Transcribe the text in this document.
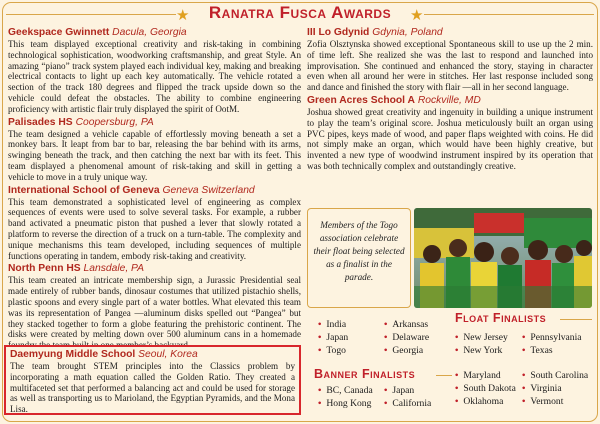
★	Ranatra Fusca Awards	★
Geekspace Gwinnett Dacula, Georgia
This team displayed exceptional creativity and risk-taking in combining technological sophistication, woodworking craftsmanship, and great Style. An amazing “piano” track system played each individual key, making and breaking electrical contacts to light up each key automatically. The vehicle rotated a section of the track 180 degrees and flipped the track upside down so the vehicle could defeat the obstacles. The ability to combine engineering proficiency with artistic flair truly displayed the spirit of OotM.
Palisades HS Coopersburg, PA
The team designed a vehicle capable of effortlessly moving beneath a set a monkey bars. It leapt from bar to bar, releasing the bar behind with its arms, swinging beneath the track, and then catching the next bar with its feet. This team displayed a phenomenal amount of risk-taking and skill in getting a vehicle to move in a truly unique way.
International School of Geneva Geneva Switzerland
This team demonstrated a sophisticated level of engineering as complex sequences of events were used to solve several tasks. For example, a rubber band activated a pneumatic piston that pushed a lever that slowly rotated a platform to reverse the direction of a truck on a turn-table. The complexity and unique mechanisms this team developed, including sequences of multiple functions operating in tandem, embody risk-taking and creativity.
North Penn HS Lansdale, PA
This team created an intricate membership sign, a Jurassic Presidential seal made entirely of rubber bands, dinosaur costumes that utilized pistachio shells, plastic spoons and every single part of a water bottles. What elevated this team was its representation of Pangea —aluminum disks spelled out “Pangea” but they stacked together to form a globe featuring the prehistoric continent. The disks were created by melting down over 500 aluminum cans in a homemade
Daemyung Middle School Seoul, Korea
The team brought STEM principles into the Classics problem by incorporating a math equation called the Golden Ratio. They created a multifaceted set that performed a balancing act and could be used for storage as well as transporting us to Marioland, the Egyptian Pyramids, and the Mona Lisa.
III Lo Gdynid Gdynia, Poland
Zofia Olsztynska showed exceptional Spontaneous skill to use up the 2 min. of time left. She realized she was the last to respond and launched into improvisation. She continued and enhanced the story, staying in character even when all around her were in stitches. Her last response included song and dance and finished the story with flair —all in her second language.
Green Acres School A Rockville, MD
Joshua showed great creativity and ingenuity in building a unique instrument to play the team’s original score. Joshua meticulously built an organ using PVC pipes, keys made of wood, and paper flaps weighted with coins. He did not simply make an organ, which would have been highly creative, but invented a new type of woodwind instrument inspired by its operation that was both technically complex and outstandingly creative.
Members of the Togo association celebrate their float being selected as a finalist in the parade.
Float Finalists
• India
• Japan
• Togo
• Arkansas
• Delaware
• Georgia
• New Jersey
• New York
• Pennsylvania
• Texas
Banner Finalists
• BC, Canada
• Hong Kong
• Japan
• California
• Maryland
• South Dakota
• Oklahoma
• South Carolina
• Virginia
• Vermont
